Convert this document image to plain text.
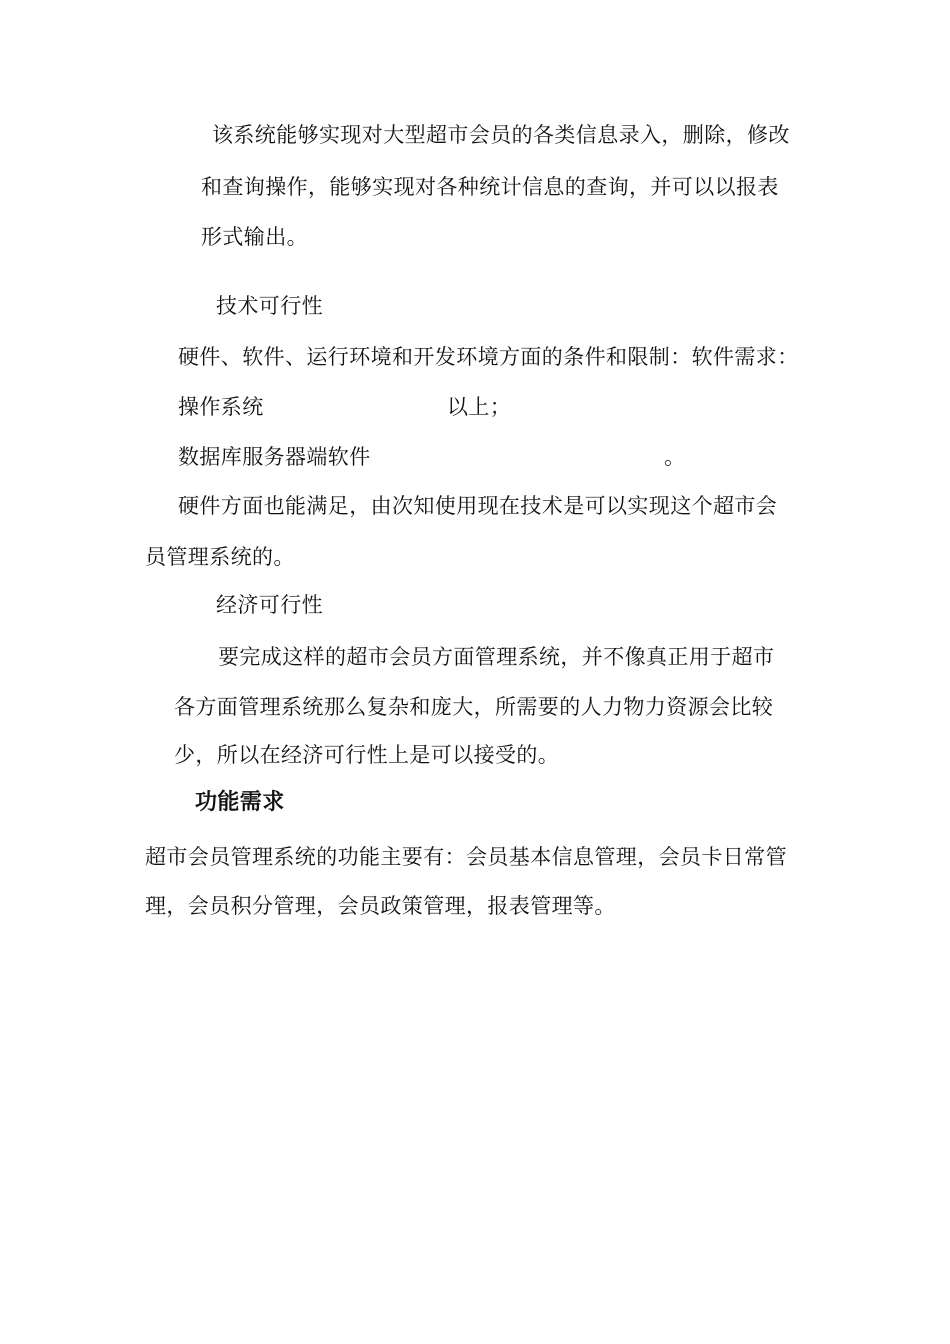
该系统能够实现对大型超市会员的各类信息录入，删除，修改
和查询操作，能够实现对各种统计信息的查询，并可以以报表
形式输出。
技术可行性
硬件、软件、运行环境和开发环境方面的条件和限制：软件需求：
操作系统	以上；
数据库服务器端软件	。
硬件方面也能满足，由次知使用现在技术是可以实现这个超市会
员管理系统的。
经济可行性
要完成这样的超市会员方面管理系统，并不像真正用于超市
各方面管理系统那么复杂和庞大，所需要的人力物力资源会比较
少，所以在经济可行性上是可以接受的。
功能需求
超市会员管理系统的功能主要有：会员基本信息管理，会员卡日常管
理，会员积分管理，会员政策管理，报表管理等。
